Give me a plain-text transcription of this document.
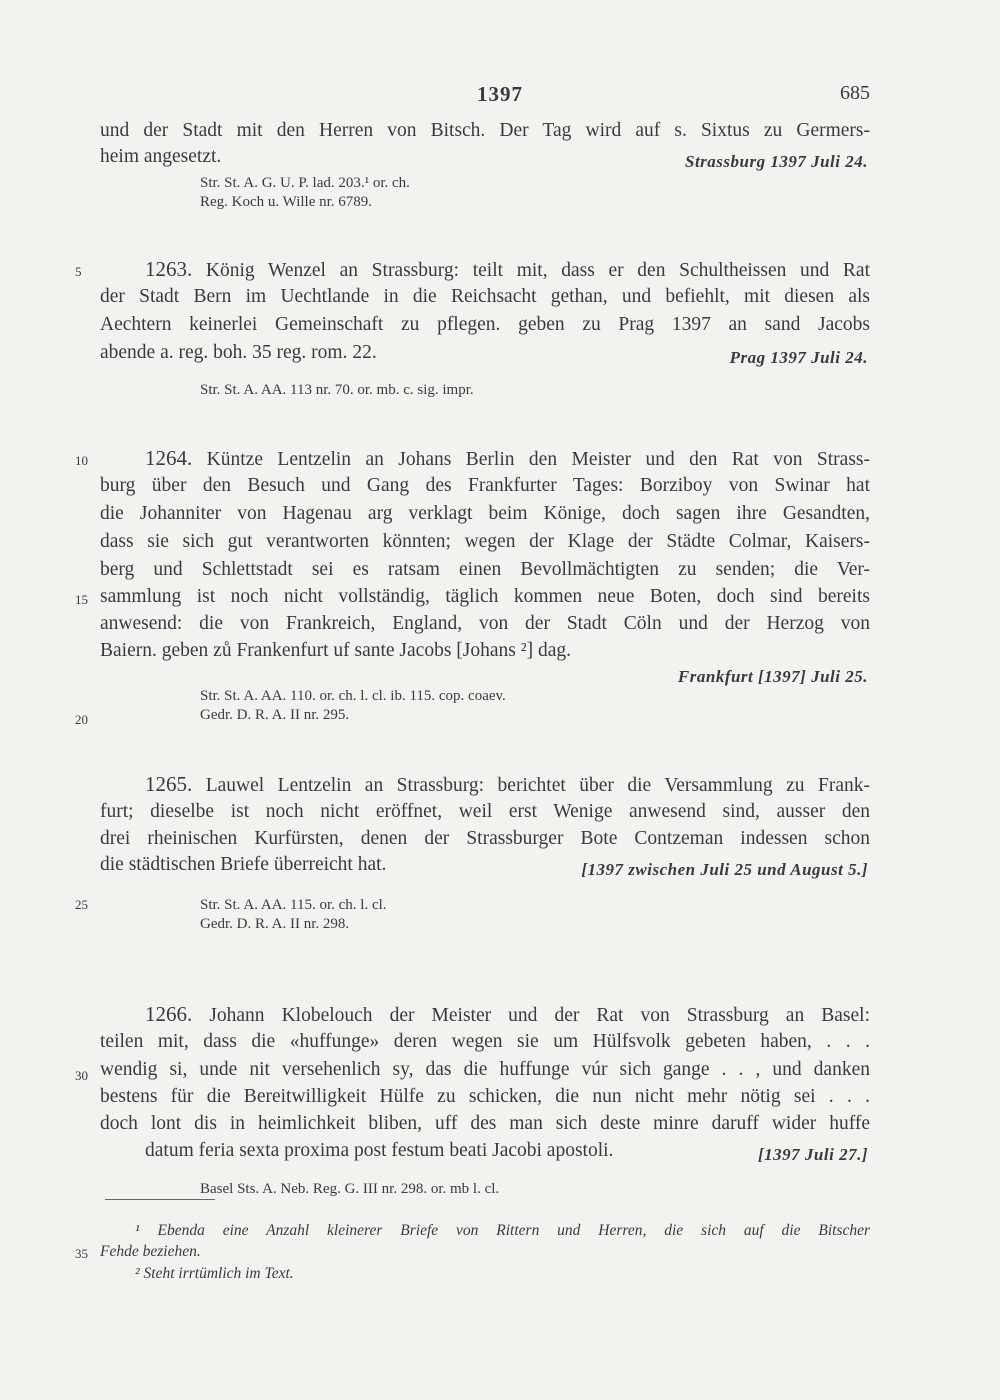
1397	685
und der Stadt mit den Herren von Bitsch. Der Tag wird auf s. Sixtus zu Germers-
heim angesetzt.	Strassburg 1397 Juli 24.
Str. St. A. G. U. P. lad. 203.¹ or. ch.
Reg. Koch u. Wille nr. 6789.
1263. König Wenzel an Strassburg: teilt mit, dass er den Schultheissen und Rat
der Stadt Bern im Uechtlande in die Reichsacht gethan, und befiehlt, mit diesen als
Aechtern keinerlei Gemeinschaft zu pflegen. geben zu Prag 1397 an sand Jacobs
abende a. reg. boh. 35 reg. rom. 22.	Prag 1397 Juli 24.
Str. St. A. AA. 113 nr. 70. or. mb. c. sig. impr.
1264. Küntze Lentzelin an Johans Berlin den Meister und den Rat von Strass-
burg über den Besuch und Gang des Frankfurter Tages: Borziboy von Swinar hat
die Johanniter von Hagenau arg verklagt beim Könige, doch sagen ihre Gesandten,
dass sie sich gut verantworten könnten; wegen der Klage der Städte Colmar, Kaisers-
berg und Schlettstadt sei es ratsam einen Bevollmächtigten zu senden; die Ver-
sammlung ist noch nicht vollständig, täglich kommen neue Boten, doch sind bereits
anwesend: die von Frankreich, England, von der Stadt Cöln und der Herzog von
Baiern. geben zů Frankenfurt uf sante Jacobs [Johans ²] dag.
Frankfurt [1397] Juli 25.
Str. St. A. AA. 110. or. ch. l. cl. ib. 115. cop. coaev.
Gedr. D. R. A. II nr. 295.
1265. Lauwel Lentzelin an Strassburg: berichtet über die Versammlung zu Frank-
furt; dieselbe ist noch nicht eröffnet, weil erst Wenige anwesend sind, ausser den
drei rheinischen Kurfürsten, denen der Strassburger Bote Contzeman indessen schon
die städtischen Briefe überreicht hat.	[1397 zwischen Juli 25 und August 5.]
Str. St. A. AA. 115. or. ch. l. cl.
Gedr. D. R. A. II nr. 298.
1266. Johann Klobelouch der Meister und der Rat von Strassburg an Basel:
teilen mit, dass die «huffunge» deren wegen sie um Hülfsvolk gebeten haben, . . .
wendig si, unde nit versehenlich sy, das die huffunge vúr sich gange . . , und danken
bestens für die Bereitwilligkeit Hülfe zu schicken, die nun nicht mehr nötig sei . . .
doch lont dis in heimlichkeit bliben, uff des man sich deste minre daruff wider huffe
datum feria sexta proxima post festum beati Jacobi apostoli.	[1397 Juli 27.]
Basel Sts. A. Neb. Reg. G. III nr. 298. or. mb l. cl.
5
10
15
20
25
30
35
¹ Ebenda eine Anzahl kleinerer Briefe von Rittern und Herren, die sich auf die Bitscher
Fehde beziehen.
² Steht irrtümlich im Text.
